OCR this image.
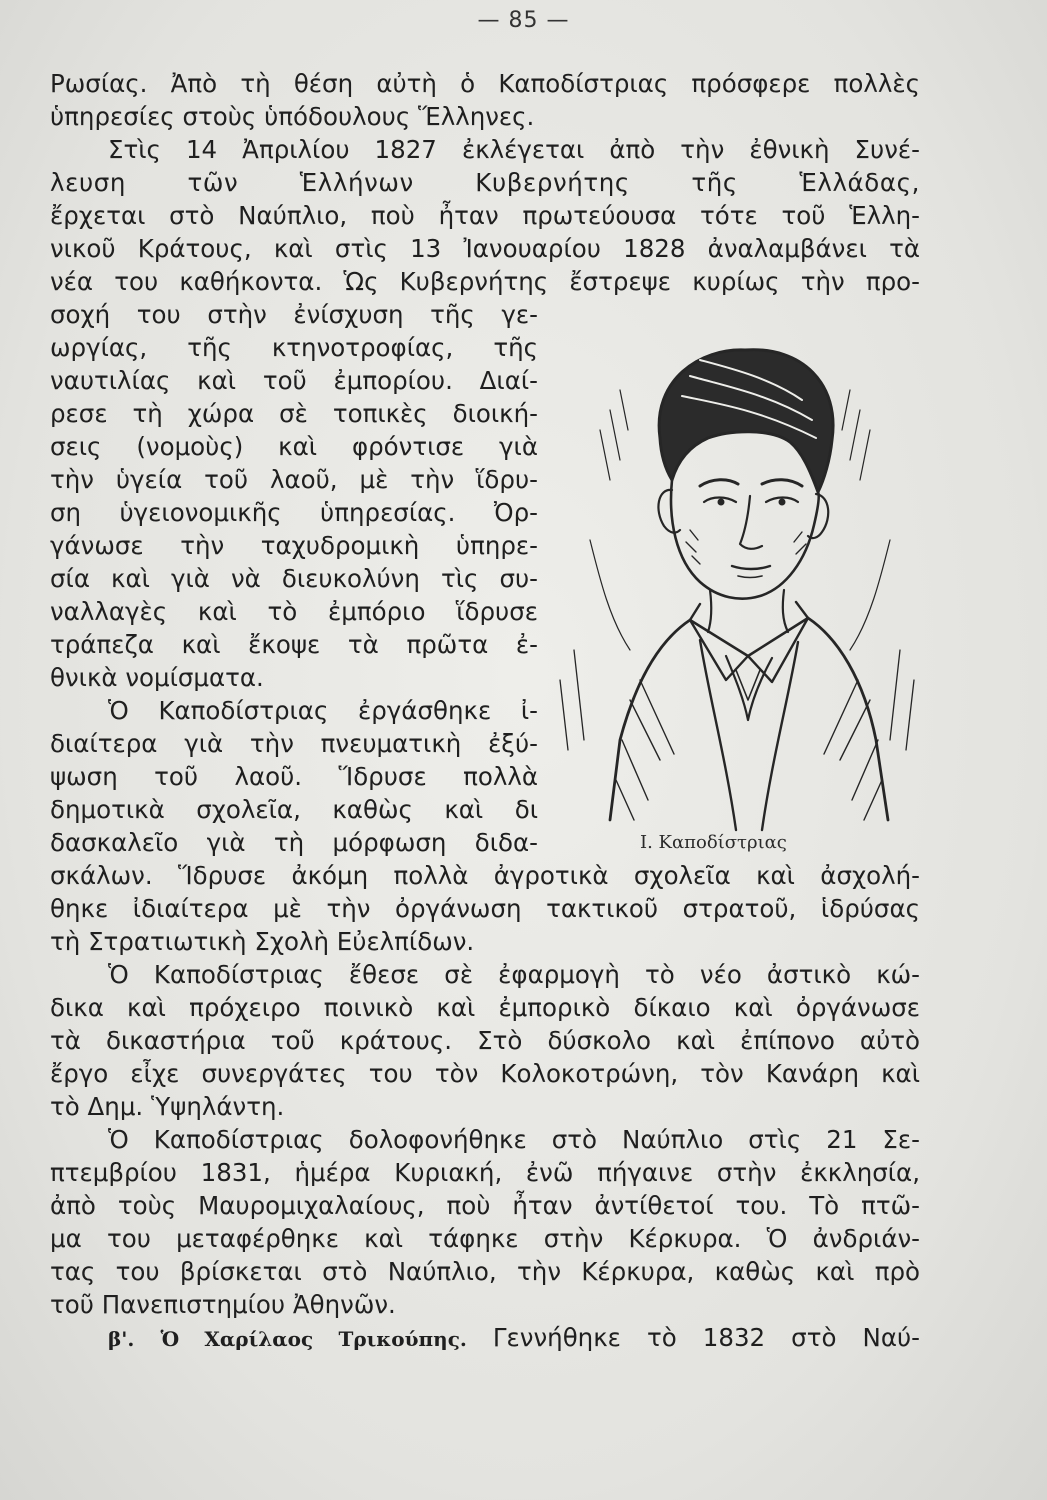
— 85 —

Ρωσίας. Ἀπὸ τὴ θέση αὐτὴ ὁ Καποδίστριας πρόσφερε πολλὲς

ὑπηρεσίες στοὺς ὑπόδουλους Ἕλληνες.

Στὶς 14 Ἀπριλίου 1827 ἐκλέγεται ἀπὸ τὴν ἐθνικὴ Συνέ-

λευση τῶν Ἑλλήνων Κυβερνήτης τῆς Ἑλλάδας,

ἔρχεται στὸ Ναύπλιο, ποὺ ἦταν πρωτεύουσα τότε τοῦ Ἑλλη-

νικοῦ Κράτους, καὶ στὶς 13 Ἰανουαρίου 1828 ἀναλαμβάνει τὰ

νέα του καθήκοντα. Ὡς Κυβερνήτης ἔστρεψε κυρίως τὴν προ-

σοχή του στὴν ἐνίσχυση τῆς γε-

ωργίας, τῆς κτηνοτροφίας, τῆς

ναυτιλίας καὶ τοῦ ἐμπορίου. Διαί-

ρεσε τὴ χώρα σὲ τοπικὲς διοική-

σεις (νομοὺς) καὶ φρόντισε γιὰ

τὴν ὑγεία τοῦ λαοῦ, μὲ τὴν ἵδρυ-

ση ὑγειονομικῆς ὑπηρεσίας. Ὀρ-

γάνωσε τὴν ταχυδρομικὴ ὑπηρε-

σία καὶ γιὰ νὰ διευκολύνη τὶς συ-

ναλλαγὲς καὶ τὸ ἐμπόριο ἵδρυσε

τράπεζα καὶ ἔκοψε τὰ πρῶτα ἐ-

θνικὰ νομίσματα.

Ὁ Καποδίστριας ἐργάσθηκε ἰ-

διαίτερα γιὰ τὴν πνευματικὴ ἐξύ-

ψωση τοῦ λαοῦ. Ἵδρυσε πολλὰ

δημοτικὰ σχολεῖα, καθὼς καὶ δι

δασκαλεῖο γιὰ τὴ μόρφωση διδα-

σκάλων. Ἵδρυσε ἀκόμη πολλὰ ἀγροτικὰ σχολεῖα καὶ ἀσχολή-

θηκε ἰδιαίτερα μὲ τὴν ὀργάνωση τακτικοῦ στρατοῦ, ἱδρύσας

τὴ Στρατιωτικὴ Σχολὴ Εὐελπίδων.

Ὁ Καποδίστριας ἔθεσε σὲ ἐφαρμογὴ τὸ νέο ἀστικὸ κώ-

δικα καὶ πρόχειρο ποινικὸ καὶ ἐμπορικὸ δίκαιο καὶ ὀργάνωσε

τὰ δικαστήρια τοῦ κράτους. Στὸ δύσκολο καὶ ἐπίπονο αὐτὸ

ἔργο εἶχε συνεργάτες του τὸν Κολοκοτρώνη, τὸν Κανάρη καὶ

τὸ Δημ. Ὑψηλάντη.

Ὁ Καποδίστριας δολοφονήθηκε στὸ Ναύπλιο στὶς 21 Σε-

πτεμβρίου 1831, ἡμέρα Κυριακή, ἐνῶ πήγαινε στὴν ἐκκλησία,

ἀπὸ τοὺς Μαυρομιχαλαίους, ποὺ ἦταν ἀντίθετοί του. Τὸ πτῶ-

μα του μεταφέρθηκε καὶ τάφηκε στὴν Κέρκυρα. Ὁ ἀνδριάν-

τας του βρίσκεται στὸ Ναύπλιο, τὴν Κέρκυρα, καθὼς καὶ πρὸ

τοῦ Πανεπιστημίου Ἀθηνῶν.

β'. Ὁ Χαρίλαος Τρικούπης. Γεννήθηκε τὸ 1832 στὸ Ναύ-

Ι. Καποδίστριας
